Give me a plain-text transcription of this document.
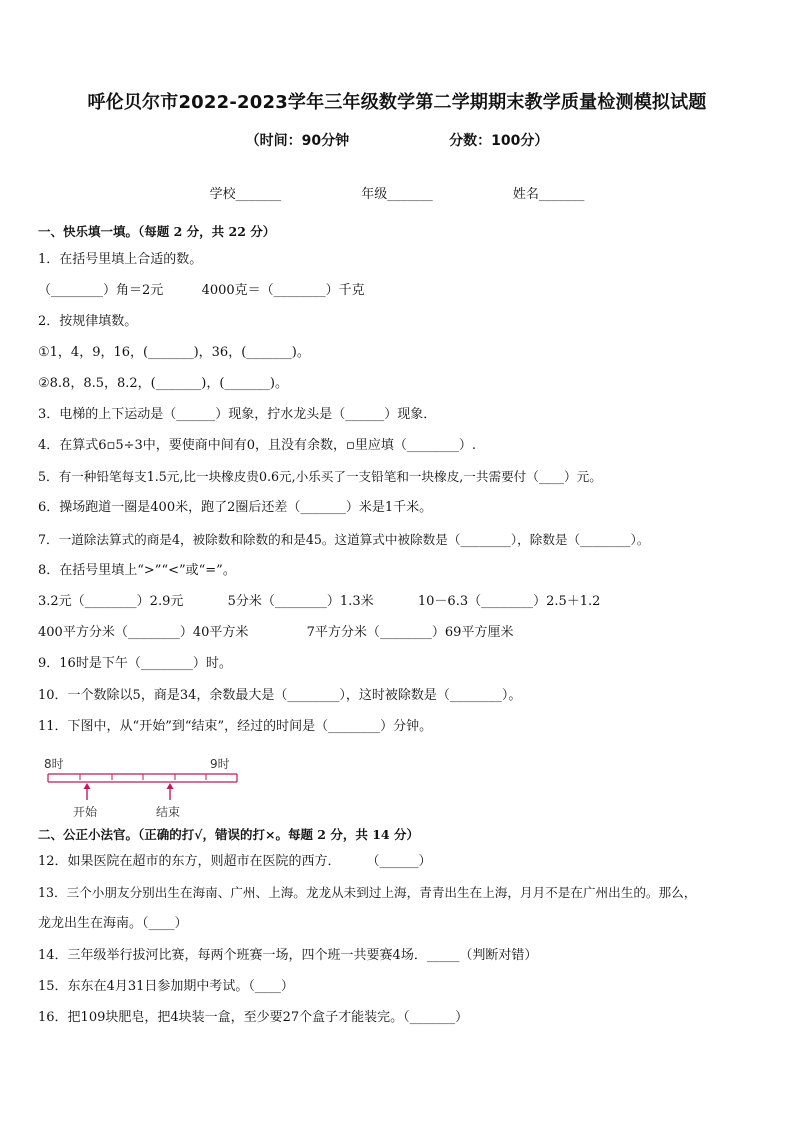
呼伦贝尔市2022-2023学年三年级数学第二学期期末教学质量检测模拟试题
（时间：90分钟	分数：100分）
学校_______	年级_______	姓名_______
一、快乐填一填。（每题 2 分，共 22 分）
1．在括号里填上合适的数。
（________）角＝2元	4000克＝（________）千克
2．按规律填数。
①1，4，9，16，(_______)，36，(_______)。
②8.8，8.5，8.2，(_______)，(_______)。
3．电梯的上下运动是（______）现象，拧水龙头是（______）现象．
4．在算式6▫5÷3中，要使商中间有0，且没有余数，▫里应填（________）.
5．有一种铅笔每支1.5元,比一块橡皮贵0.6元,小乐买了一支铅笔和一块橡皮,一共需要付（____）元。
6．操场跑道一圈是400米，跑了2圈后还差（_______）米是1千米。
7．一道除法算式的商是4，被除数和除数的和是45。这道算式中被除数是（________），除数是（________）。
8．在括号里填上“>”“<”或“=”。
3.2元（________）2.9元	5分米（________）1.3米	10－6.3（________）2.5＋1.2
400平方分米（________）40平方米	7平方分米（________）69平方厘米
9．16时是下午（________）时。
10．一个数除以5，商是34，余数最大是（________），这时被除数是（________）。
11．下图中，从“开始”到“结束”，经过的时间是（________）分钟。
8时	9时
开始	结束
二、公正小法官。（正确的打√，错误的打×。每题 2 分，共 14 分）
12．如果医院在超市的东方，则超市在医院的西方．　　　（______）
13．三个小朋友分别出生在海南、广州、上海。龙龙从未到过上海，青青出生在上海，月月不是在广州出生的。那么，
龙龙出生在海南。（____）
14．三年级举行拔河比赛，每两个班赛一场，四个班一共要赛4场．_____（判断对错）
15．东东在4月31日参加期中考试。（____）
16．把109块肥皂，把4块装一盒，至少要27个盒子才能装完。（_______）
